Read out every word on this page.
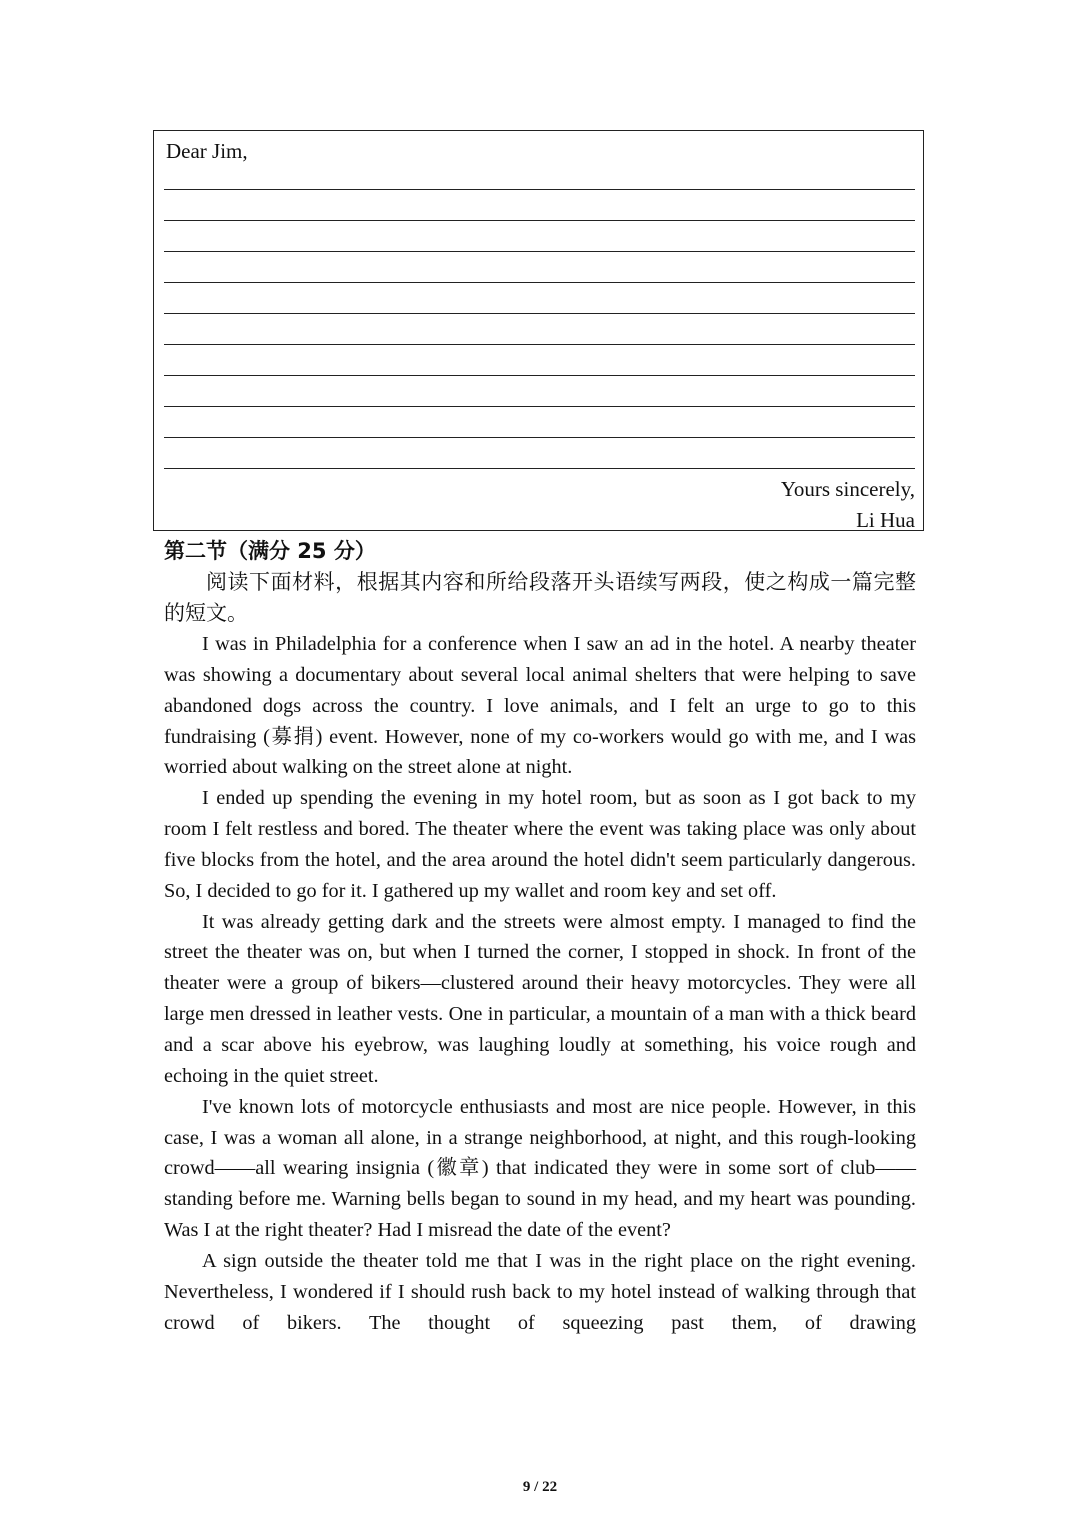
Dear Jim,
Yours sincerely,
Li Hua
第二节（满分 25 分）

阅读下面材料，根据其内容和所给段落开头语续写两段，使之构成一篇完整的短文。

I was in Philadelphia for a conference when I saw an ad in the hotel. A nearby theater was showing a documentary about several local animal shelters that were helping to save abandoned dogs across the country. I love animals, and I felt an urge to go to this fundraising (募捐) event. However, none of my co-workers would go with me, and I was worried about walking on the street alone at night.

I ended up spending the evening in my hotel room, but as soon as I got back to my room I felt restless and bored. The theater where the event was taking place was only about five blocks from the hotel, and the area around the hotel didn't seem particularly dangerous. So, I decided to go for it. I gathered up my wallet and room key and set off.

It was already getting dark and the streets were almost empty. I managed to find the street the theater was on, but when I turned the corner, I stopped in shock. In front of the theater were a group of bikers—clustered around their heavy motorcycles. They were all large men dressed in leather vests. One in particular, a mountain of a man with a thick beard and a scar above his eyebrow, was laughing loudly at something, his voice rough and echoing in the quiet street.

I've known lots of motorcycle enthusiasts and most are nice people. However, in this case, I was a woman all alone, in a strange neighborhood, at night, and this rough-looking crowd——all wearing insignia (徽章) that indicated they were in some sort of club——standing before me. Warning bells began to sound in my head, and my heart was pounding. Was I at the right theater? Had I misread the date of the event?

A sign outside the theater told me that I was in the right place on the right evening. Nevertheless, I wondered if I should rush back to my hotel instead of walking through that crowd of bikers. The thought of squeezing past them, of drawing

9 / 22
